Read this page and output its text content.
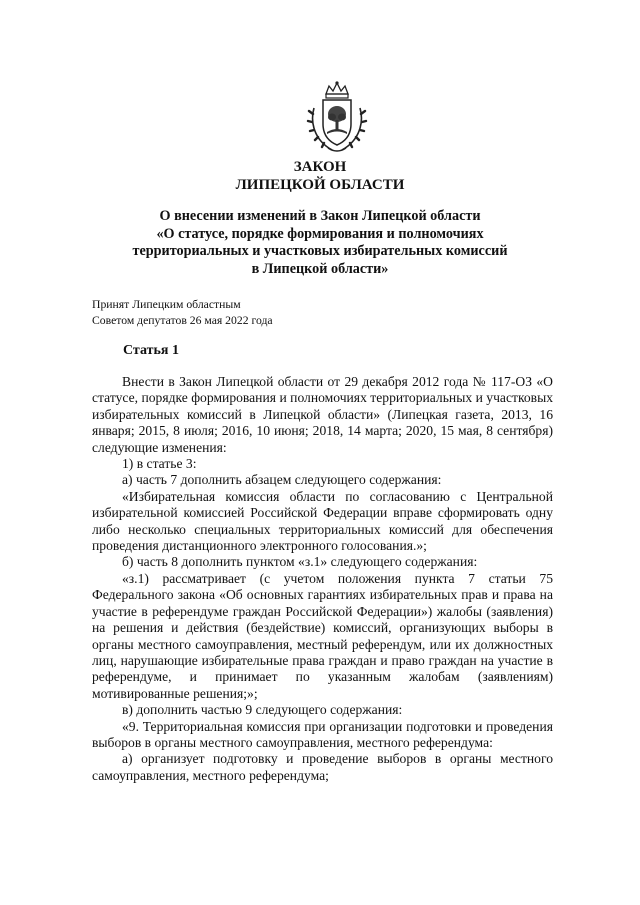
ЗАКОН
ЛИПЕЦКОЙ ОБЛАСТИ
О внесении изменений в Закон Липецкой области
«О статусе, порядке формирования и полномочиях
территориальных и участковых избирательных комиссий
в Липецкой области»
Принят Липецким областным
Советом депутатов 26 мая 2022 года
Статья 1

Внести в Закон Липецкой области от 29 декабря 2012 года № 117-ОЗ «О статусе, порядке формирования и полномочиях территориальных и участковых избирательных комиссий в Липецкой области» (Липецкая газета, 2013, 16 января; 2015, 8 июля; 2016, 10 июня; 2018, 14 марта; 2020, 15 мая, 8 сентября) следующие изменения:

1) в статье 3:

а) часть 7 дополнить абзацем следующего содержания:

«Избирательная комиссия области по согласованию с Центральной избирательной комиссией Российской Федерации вправе сформировать одну либо несколько специальных территориальных комиссий для обеспечения проведения дистанционного электронного голосования.»;

б) часть 8 дополнить пунктом «з.1» следующего содержания:

«з.1) рассматривает (с учетом положения пункта 7 статьи 75 Федерального закона «Об основных гарантиях избирательных прав и права на участие в референдуме граждан Российской Федерации») жалобы (заявления) на решения и действия (бездействие) комиссий, организующих выборы в органы местного самоуправления, местный референдум, или их должностных лиц, нарушающие избирательные права граждан и право граждан на участие в референдуме, и принимает по указанным жалобам (заявлениям) мотивированные решения;»;

в) дополнить частью 9 следующего содержания:

«9. Территориальная комиссия при организации подготовки и проведения выборов в органы местного самоуправления, местного референдума:

а) организует подготовку и проведение выборов в органы местного самоуправления, местного референдума;
